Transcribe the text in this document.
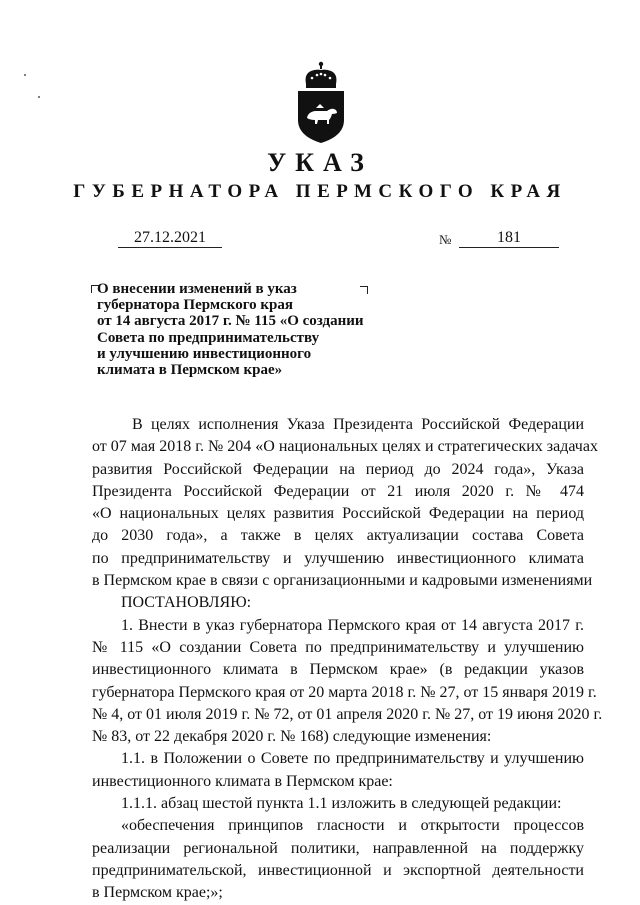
УКАЗ
ГУБЕРНАТОРА ПЕРМСКОГО КРАЯ
27.12.2021	№	181
О внесении изменений в указ
губернатора Пермского края
от 14 августа 2017 г. № 115 «О создании
Совета по предпринимательству
и улучшению инвестиционного
климата в Пермском крае»
В целях исполнения Указа Президента Российской Федерации
от 07 мая 2018 г. № 204 «О национальных целях и стратегических задачах
развития Российской Федерации на период до 2024 года», Указа
Президента Российской Федерации от 21 июля 2020 г. № 474
«О национальных целях развития Российской Федерации на период
до 2030 года», а также в целях актуализации состава Совета
по предпринимательству и улучшению инвестиционного климата
в Пермском крае в связи с организационными и кадровыми изменениями
ПОСТАНОВЛЯЮ:
1. Внести в указ губернатора Пермского края от 14 августа 2017 г.
№ 115 «О создании Совета по предпринимательству и улучшению
инвестиционного климата в Пермском крае» (в редакции указов
губернатора Пермского края от 20 марта 2018 г. № 27, от 15 января 2019 г.
№ 4, от 01 июля 2019 г. № 72, от 01 апреля 2020 г. № 27, от 19 июня 2020 г.
№ 83, от 22 декабря 2020 г. № 168) следующие изменения:
1.1. в Положении о Совете по предпринимательству и улучшению
инвестиционного климата в Пермском крае:
1.1.1. абзац шестой пункта 1.1 изложить в следующей редакции:
«обеспечения принципов гласности и открытости процессов
реализации региональной политики, направленной на поддержку
предпринимательской, инвестиционной и экспортной деятельности
в Пермском крае;»;
